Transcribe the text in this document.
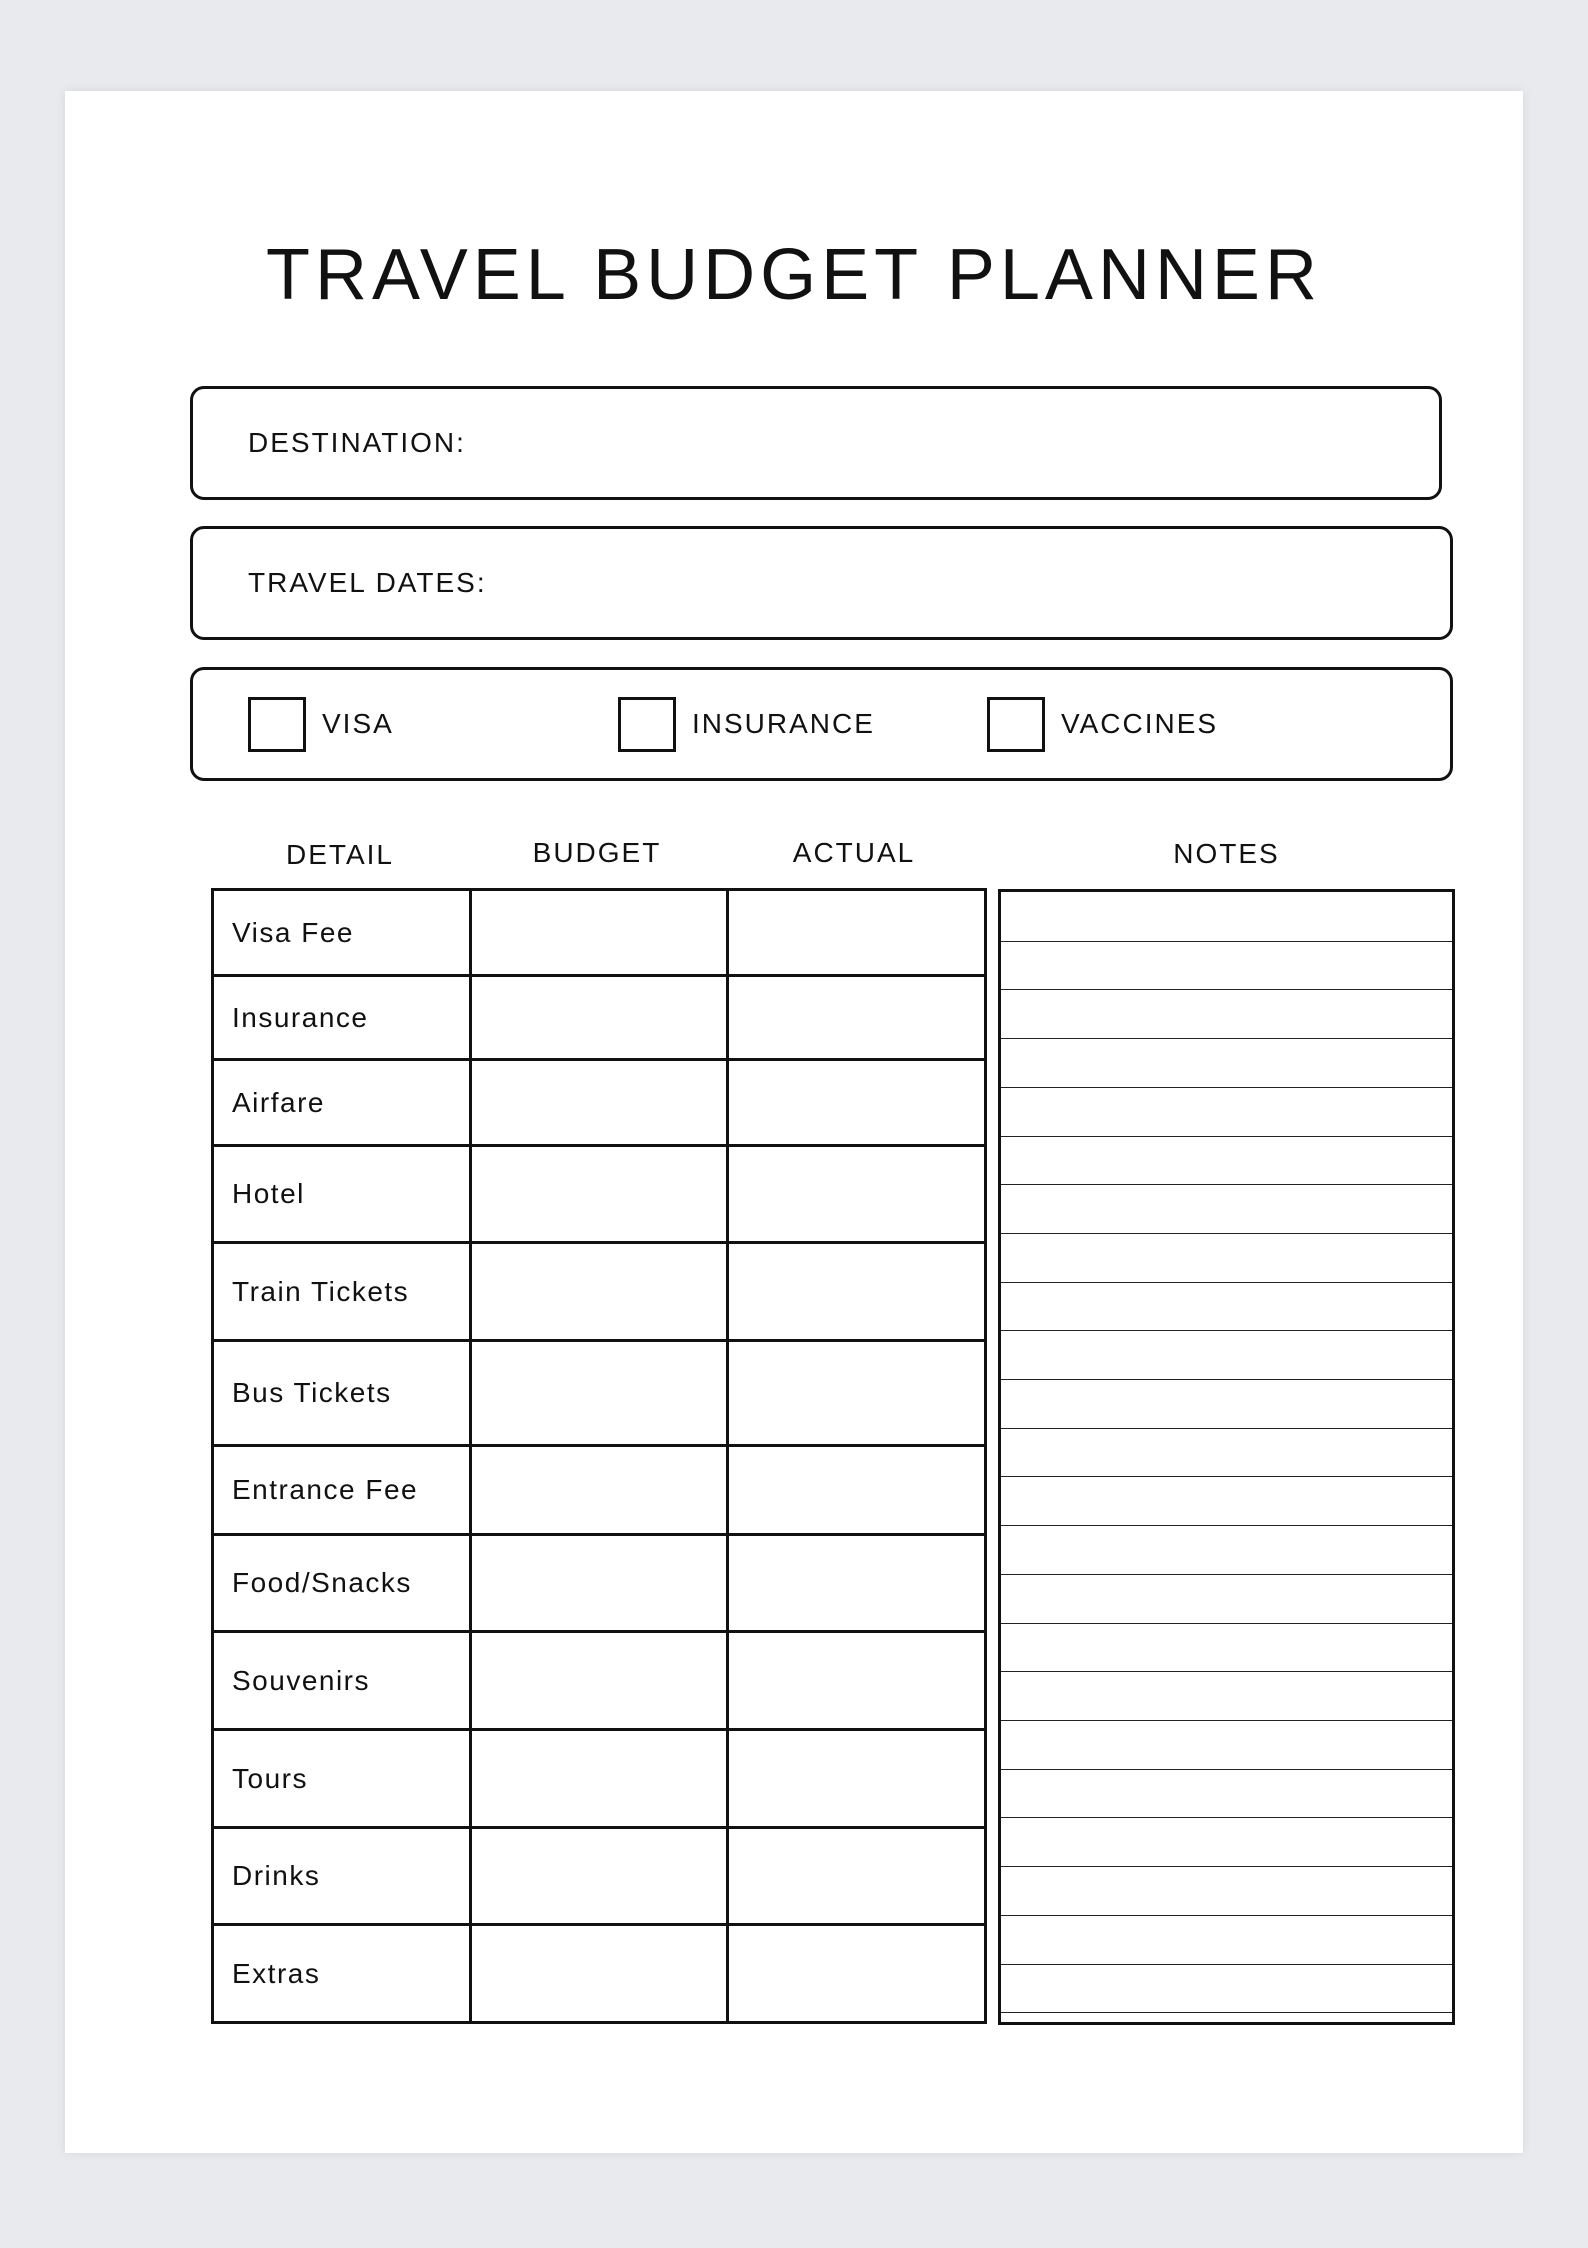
TRAVEL BUDGET PLANNER
DESTINATION:
TRAVEL DATES:
VISA	INSURANCE	VACCINES
DETAIL	BUDGET	ACTUAL	NOTES
Visa Fee		
Insurance		
Airfare		
Hotel		
Train Tickets		
Bus Tickets		
Entrance Fee		
Food/Snacks		
Souvenirs		
Tours		
Drinks		
Extras		
